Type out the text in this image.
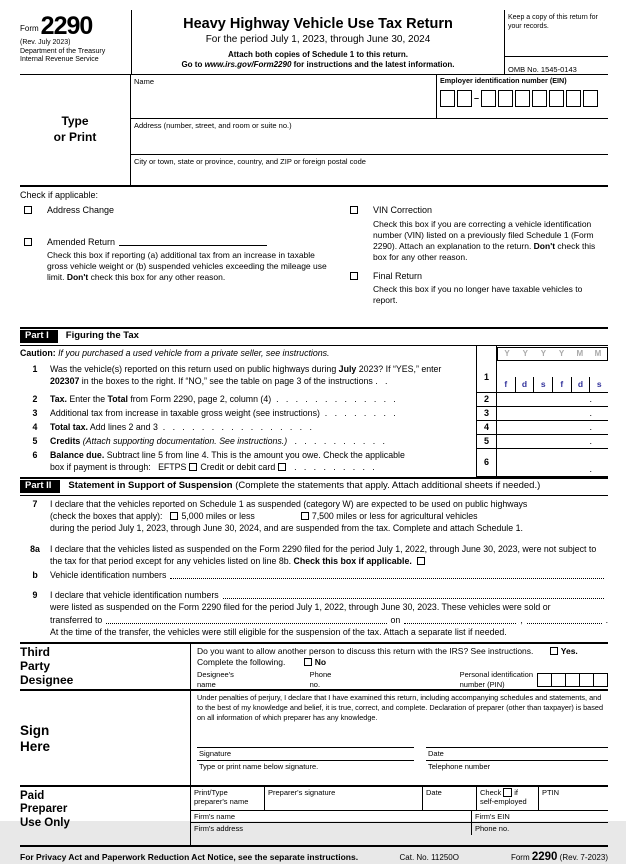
Form 2290
(Rev. July 2023)
Department of the Treasury
Internal Revenue Service
Heavy Highway Vehicle Use Tax Return
For the period July 1, 2023, through June 30, 2024
Attach both copies of Schedule 1 to this return.
Go to www.irs.gov/Form2290 for instructions and the latest information.
Keep a copy of this return for your records.
OMB No. 1545-0143
Type
or Print
Name	Employer identification number (EIN)
–
Address (number, street, and room or suite no.)
City or town, state or province, country, and ZIP or foreign postal code
Check if applicable:
Address Change
Amended Return
Check this box if reporting (a) additional tax from an increase in taxable gross vehicle weight or (b) suspended vehicles exceeding the mileage use limit. Don't check this box for any other reason.
VIN Correction
Check this box if you are correcting a vehicle identification number (VIN) listed on a previously filed Schedule 1 (Form 2290). Attach an explanation to the return. Don't check this box for any other reason.
Final Return
Check this box if you no longer have taxable vehicles to report.
Part I Figuring the Tax
Caution: If you purchased a used vehicle from a private seller, see instructions.	Y	Y	Y	Y	M	M
1	Was the vehicle(s) reported on this return used on public highways during July 2023? If “YES,” enter 202307 in the boxes to the right. If “NO,” see the table on page 3 of the instructions .   .	1
f	d	s	f	d	s
2	Tax. Enter the Total from Form 2290, page 2, column (4)  .   .   .   .   .   .   .   .   .   .   .   .   .	2	.
3	Additional tax from increase in taxable gross weight (see instructions)  .   .   .   .   .   .   .   .	3	.
4	Total tax. Add lines 2 and 3  .   .   .   .   .   .   .   .   .   .   .   .   .   .   .   .	4	.
5	Credits (Attach supporting documentation. See instructions.)   .   .   .   .   .   .   .   .   .   .	5	.
6	Balance due. Subtract line 5 from line 4. This is the amount you owe. Check the applicable
box if payment is through:   EFTPS Credit or debit card  .   .   .   .   .   .   .   .   .	6
.
Part II Statement in Support of Suspension (Complete the statements that apply. Attach additional sheets if needed.)
7	I declare that the vehicles reported on Schedule 1 as suspended (category W) are expected to be used on public highways
(check the boxes that apply): 5,000 miles or less	7,500 miles or less for agricultural vehicles
during the period July 1, 2023, through June 30, 2024, and are suspended from the tax. Complete and attach Schedule 1.
8a	I declare that the vehicles listed as suspended on the Form 2290 filed for the period July 1, 2022, through June 30, 2023, were not subject to the tax for that period except for any vehicles listed on line 8b. Check this box if applicable.
b	Vehicle identification numbers
9	I declare that vehicle identification numbers
were listed as suspended on the Form 2290 filed for the period July 1, 2022, through June 30, 2023. These vehicles were sold or
transferred to	on	,	.
At the time of the transfer, the vehicles were still eligible for the suspension of the tax. Attach a separate list if needed.
Third
Party
Designee
Do you want to allow another person to discuss this return with the IRS? See instructions.	Yes. Complete the following.	No
Designee's
name
Phone
no.
Personal identification
number (PIN)
Sign
Here
Under penalties of perjury, I declare that I have examined this return, including accompanying schedules and statements, and to the best of my knowledge and belief, it is true, correct, and complete. Declaration of preparer (other than taxpayer) is based on all information of which preparer has any knowledge.
Signature
Type or print name below signature.
Date
Telephone number
Paid
Preparer
Use Only
Print/Type preparer's name
Preparer's signature	Date	Check if
self-employed
PTIN
Firm's name	Firm's EIN
Firm's address	Phone no.
For Privacy Act and Paperwork Reduction Act Notice, see the separate instructions.	Cat. No. 11250O	Form 2290 (Rev. 7-2023)
